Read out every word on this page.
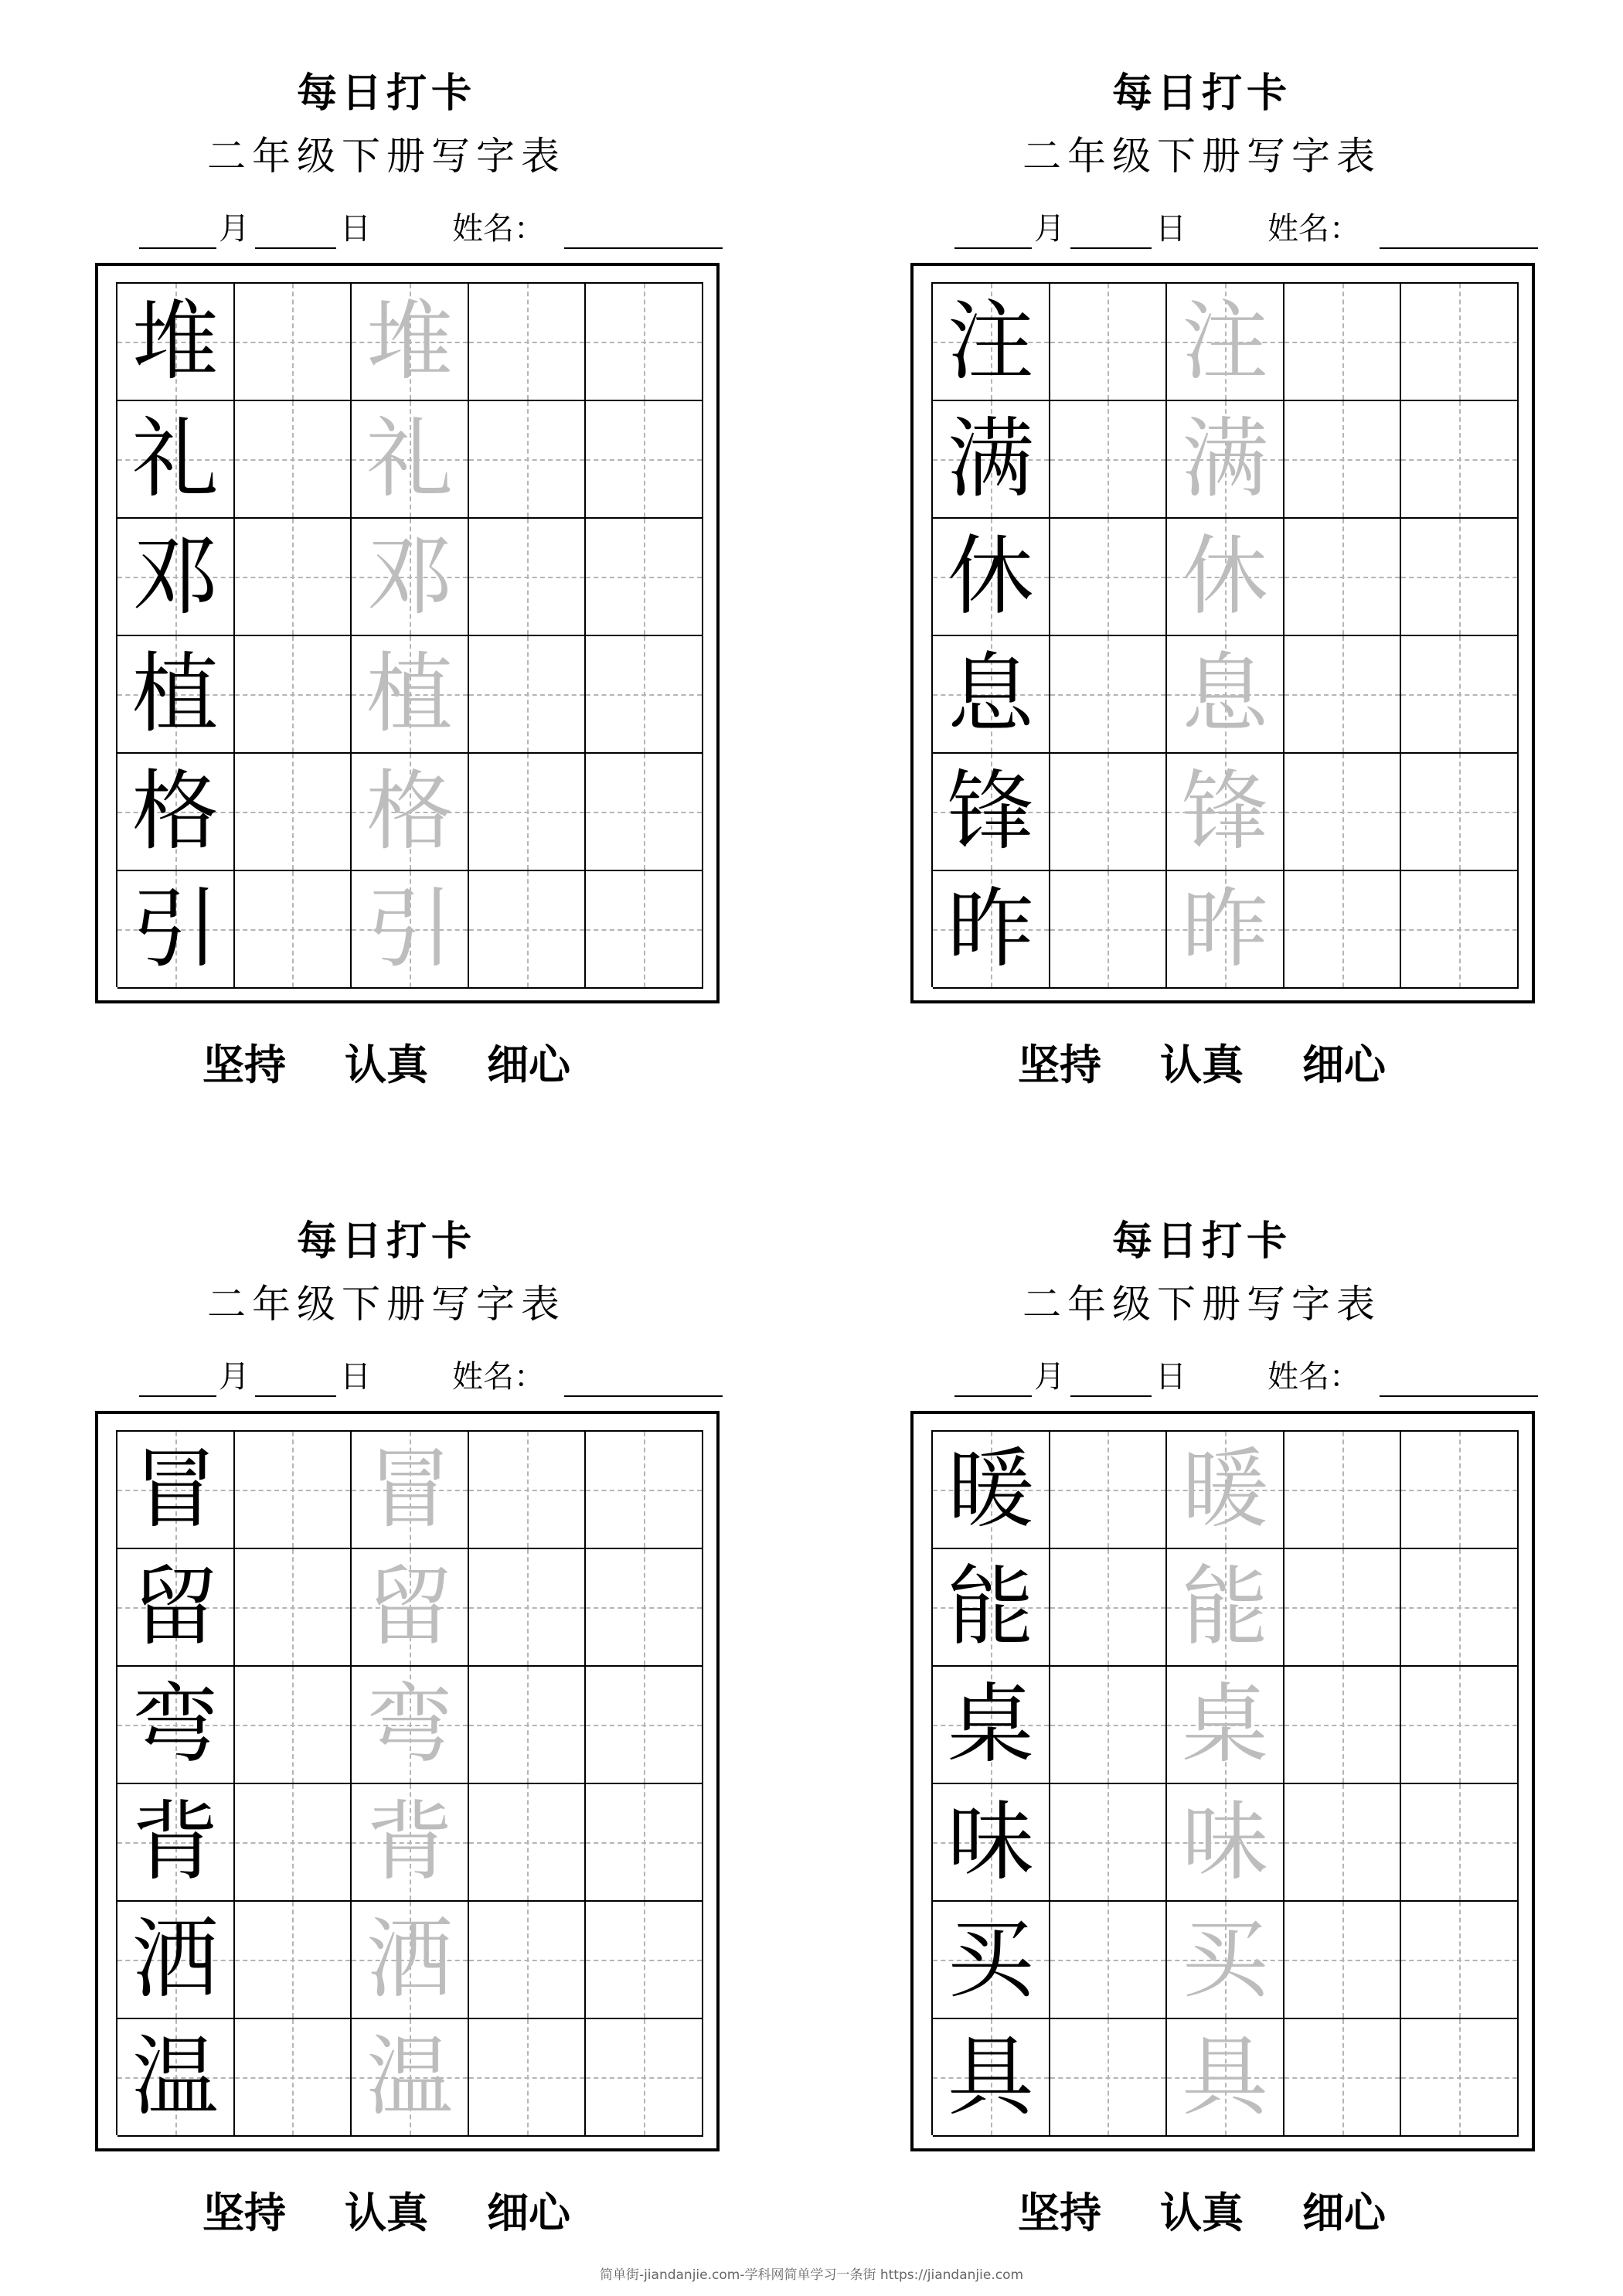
每日打卡
二年级下册写字表
月	日	姓名：
堆 堆
礼 礼
邓 邓
植 植
格 格
引 引
坚持 认真 细心
每日打卡
二年级下册写字表
月	日	姓名：
注 注
满 满
休 休
息 息
锋 锋
昨 昨
坚持 认真 细心
每日打卡
二年级下册写字表
月	日	姓名：
冒 冒
留 留
弯 弯
背 背
洒 洒
温 温
坚持 认真 细心
每日打卡
二年级下册写字表
月	日	姓名：
暖 暖
能 能
桌 桌
味 味
买 买
具 具
坚持 认真 细心
简单街-jiandanjie.com-学科网简单学习一条街 https://jiandanjie.com
